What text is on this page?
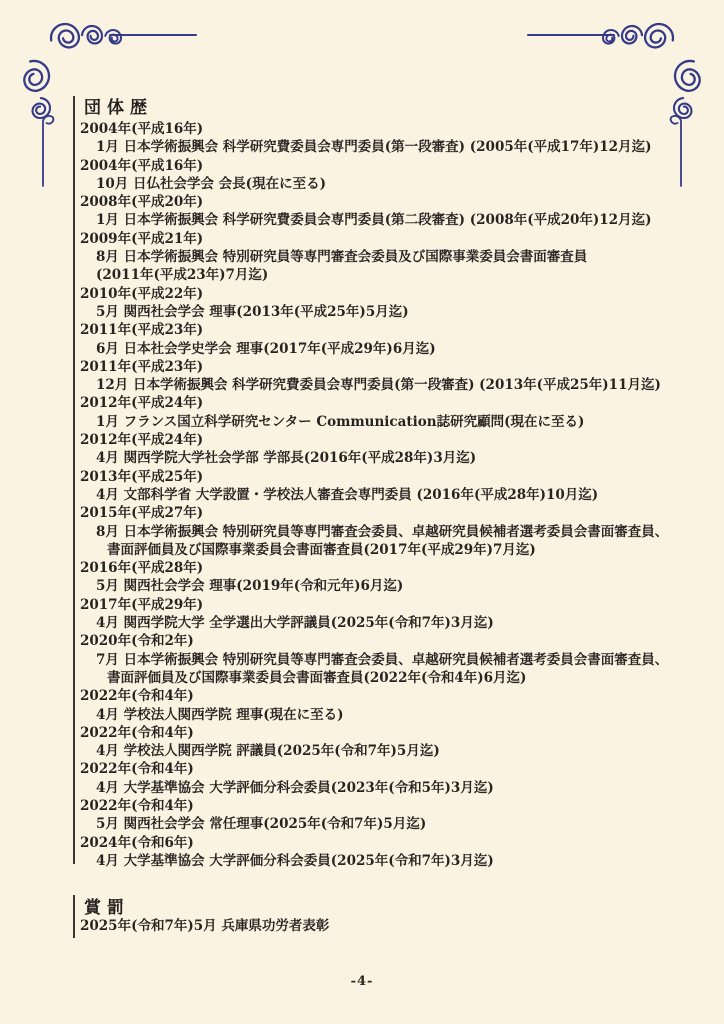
団体歴
2004年(平成16年)
1月 日本学術振興会 科学研究費委員会専門委員(第一段審査) (2005年(平成17年)12月迄)
2004年(平成16年)
10月 日仏社会学会 会長(現在に至る)
2008年(平成20年)
1月 日本学術振興会 科学研究費委員会専門委員(第二段審査) (2008年(平成20年)12月迄)
2009年(平成21年)
8月 日本学術振興会 特別研究員等専門審査会委員及び国際事業委員会書面審査員
(2011年(平成23年)7月迄)
2010年(平成22年)
5月 関西社会学会 理事(2013年(平成25年)5月迄)
2011年(平成23年)
6月 日本社会学史学会 理事(2017年(平成29年)6月迄)
2011年(平成23年)
12月 日本学術振興会 科学研究費委員会専門委員(第一段審査) (2013年(平成25年)11月迄)
2012年(平成24年)
1月 フランス国立科学研究センター Communication誌研究顧問(現在に至る)
2012年(平成24年)
4月 関西学院大学社会学部 学部長(2016年(平成28年)3月迄)
2013年(平成25年)
4月 文部科学省 大学設置・学校法人審査会専門委員 (2016年(平成28年)10月迄)
2015年(平成27年)
8月 日本学術振興会 特別研究員等専門審査会委員、卓越研究員候補者選考委員会書面審査員、
書面評価員及び国際事業委員会書面審査員(2017年(平成29年)7月迄)
2016年(平成28年)
5月 関西社会学会 理事(2019年(令和元年)6月迄)
2017年(平成29年)
4月 関西学院大学 全学選出大学評議員(2025年(令和7年)3月迄)
2020年(令和2年)
7月 日本学術振興会 特別研究員等専門審査会委員、卓越研究員候補者選考委員会書面審査員、
書面評価員及び国際事業委員会書面審査員(2022年(令和4年)6月迄)
2022年(令和4年)
4月 学校法人関西学院 理事(現在に至る)
2022年(令和4年)
4月 学校法人関西学院 評議員(2025年(令和7年)5月迄)
2022年(令和4年)
4月 大学基準協会 大学評価分科会委員(2023年(令和5年)3月迄)
2022年(令和4年)
5月 関西社会学会 常任理事(2025年(令和7年)5月迄)
2024年(令和6年)
4月 大学基準協会 大学評価分科会委員(2025年(令和7年)3月迄)
賞罰
2025年(令和7年)5月 兵庫県功労者表彰
-4-
